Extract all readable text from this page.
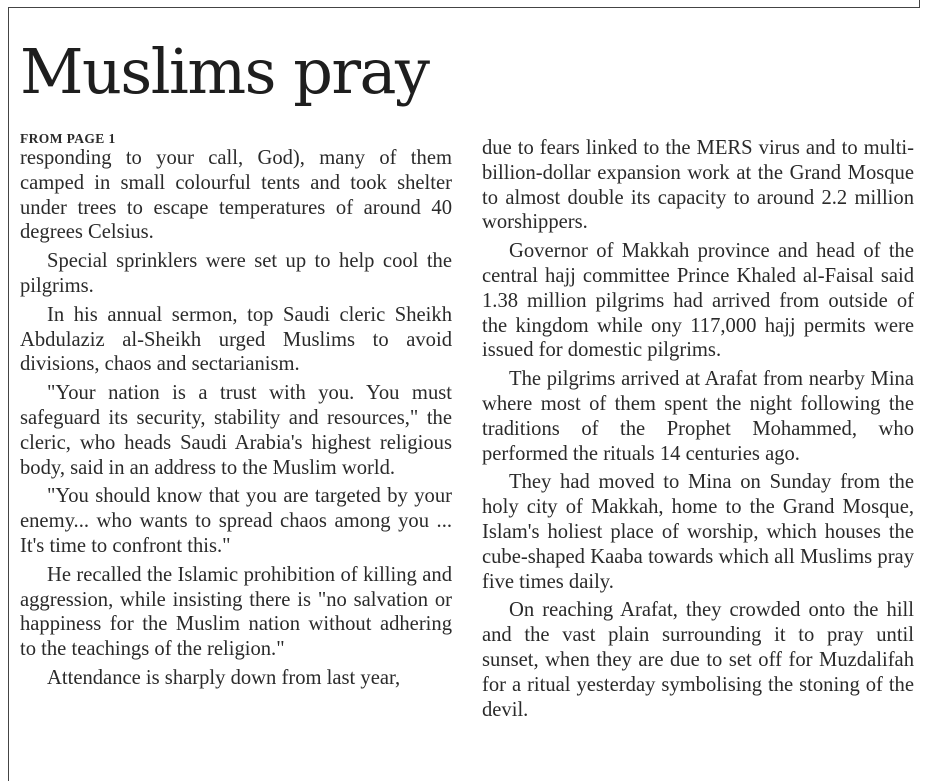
Muslims pray
FROM PAGE 1

responding to your call, God), many of them camped in small colourful tents and took shelter under trees to escape temperatures of around 40 degrees Celsius.

Special sprinklers were set up to help cool the pilgrims.

In his annual sermon, top Saudi cleric Sheikh Abdulaziz al-Sheikh urged Muslims to avoid divisions, chaos and sectarianism.

"Your nation is a trust with you. You must safeguard its security, stability and resources," the cleric, who heads Saudi Arabia's highest religious body, said in an address to the Muslim world.

"You should know that you are targeted by your enemy... who wants to spread chaos among you ... It's time to confront this."

He recalled the Islamic prohibition of killing and aggression, while insisting there is "no salvation or happiness for the Muslim nation without adhering to the teachings of the religion."

Attendance is sharply down from last year,

due to fears linked to the MERS virus and to multi-billion-dollar expansion work at the Grand Mosque to almost double its capacity to around 2.2 million worshippers.

Governor of Makkah province and head of the central hajj committee Prince Khaled al-Faisal said 1.38 million pilgrims had arrived from outside of the kingdom while ony 117,000 hajj permits were issued for domestic pilgrims.

The pilgrims arrived at Arafat from nearby Mina where most of them spent the night following the traditions of the Prophet Mohammed, who performed the rituals 14 centuries ago.

They had moved to Mina on Sunday from the holy city of Makkah, home to the Grand Mosque, Islam's holiest place of worship, which houses the cube-shaped Kaaba towards which all Muslims pray five times daily.

On reaching Arafat, they crowded onto the hill and the vast plain surrounding it to pray until sunset, when they are due to set off for Muzdalifah for a ritual yesterday symbolising the stoning of the devil.
